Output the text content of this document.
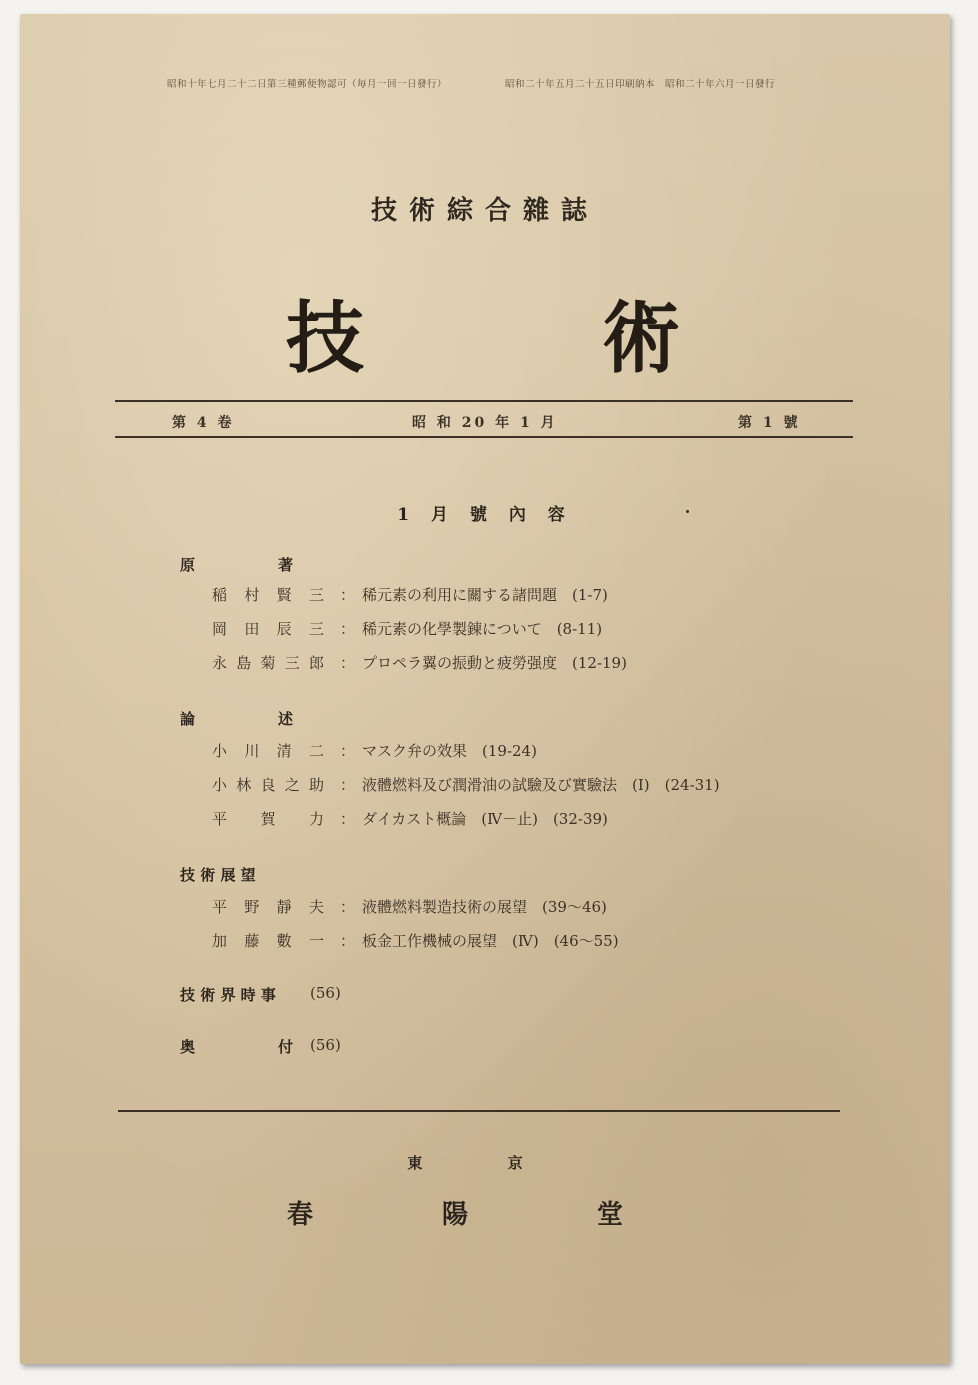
昭和十年七月二十二日第三種郵便物認可（毎月一回一日發行）	昭和二十年五月二十五日印刷納本　昭和二十年六月一日發行
技術綜合雜誌
技	術
第 4 卷	昭 和 20 年 1 月	第 1 號
1 月 號 內 容
原	著
稲村賢三 ： 稀元素の利用に關する諸問題　(1-7)
岡田辰三 ： 稀元素の化學製錬について　(8-11)
永島菊三郎 ： プロペラ翼の振動と疲勞强度　(12-19)
論	述
小川清二 ： マスク弁の效果　(19-24)
小林良之助 ： 液體燃料及び潤滑油の試驗及び實驗法　(Ⅰ)　(24-31)
平賀力 ： ダイカスト概論　(Ⅳ－止)　(32-39)
技 術 展 望
平野靜夫 ： 液體燃料製造技術の展望　(39～46)
加藤數一 ： 板金工作機械の展望　(Ⅳ)　(46～55)
技 術 界 時 事 (56)
奥	付 (56)
東 京
春 陽 堂
